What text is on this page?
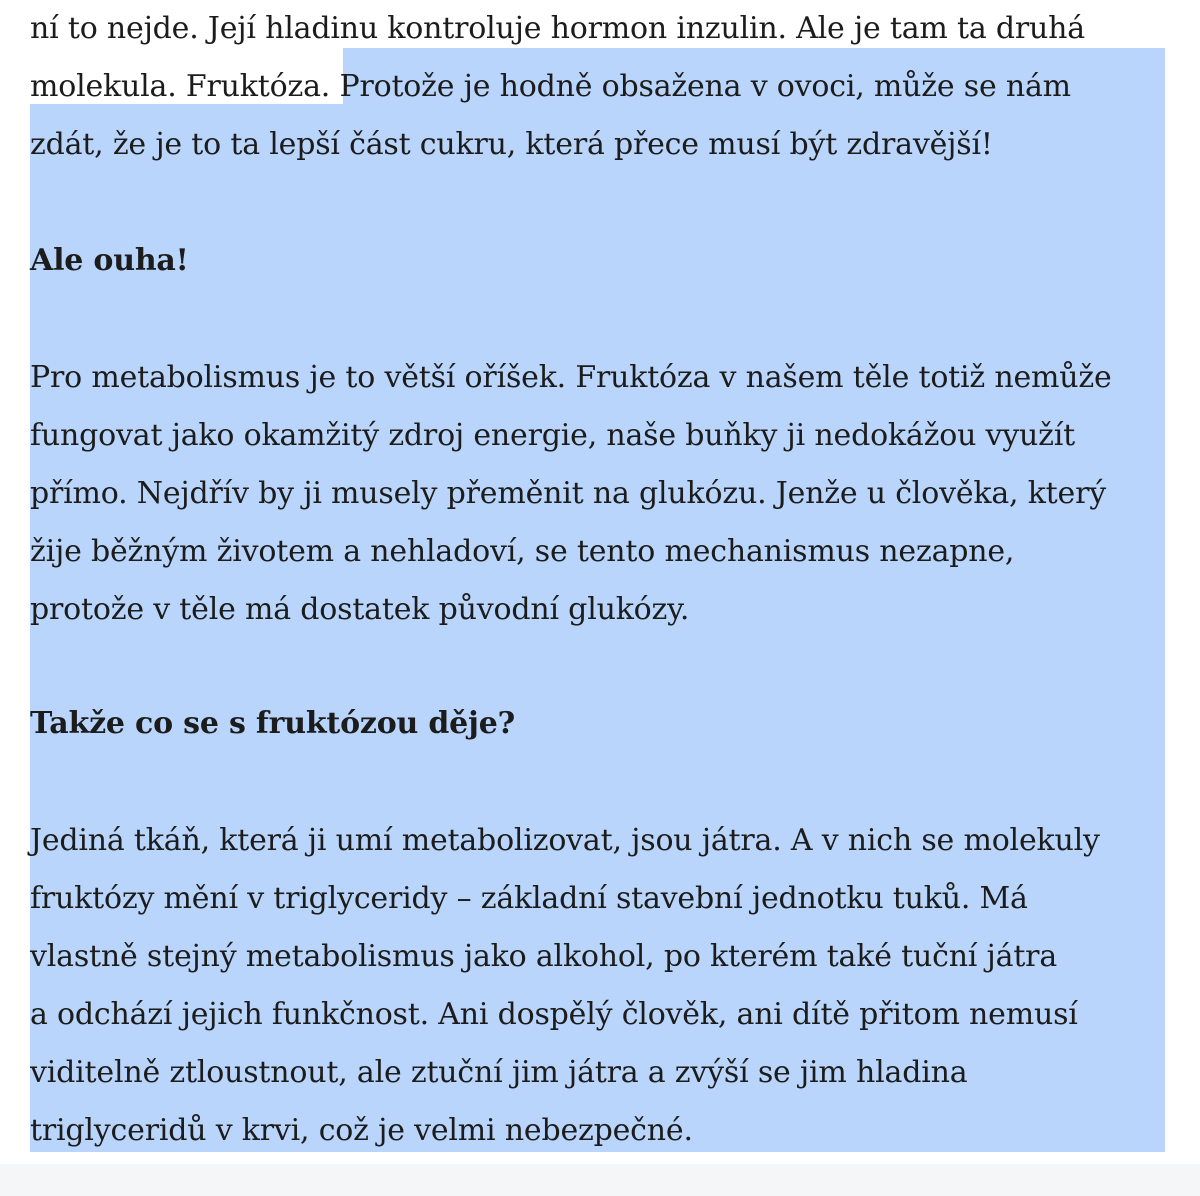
ní to nejde. Její hladinu kontroluje hormon inzulin. Ale je tam ta druhá
molekula. Fruktóza. Protože je hodně obsažena v ovoci, může se nám
zdát, že je to ta lepší část cukru, která přece musí být zdravější!
Ale ouha!
Pro metabolismus je to větší oříšek. Fruktóza v našem těle totiž nemůže
fungovat jako okamžitý zdroj energie, naše buňky ji nedokážou využít
přímo. Nejdřív by ji musely přeměnit na glukózu. Jenže u člověka, který
žije běžným životem a nehladoví, se tento mechanismus nezapne,
protože v těle má dostatek původní glukózy.
Takže co se s fruktózou děje?
Jediná tkáň, která ji umí metabolizovat, jsou játra. A v nich se molekuly
fruktózy mění v triglyceridy – základní stavební jednotku tuků. Má
vlastně stejný metabolismus jako alkohol, po kterém také tuční játra
a odchází jejich funkčnost. Ani dospělý člověk, ani dítě přitom nemusí
viditelně ztloustnout, ale ztuční jim játra a zvýší se jim hladina
triglyceridů v krvi, což je velmi nebezpečné.
